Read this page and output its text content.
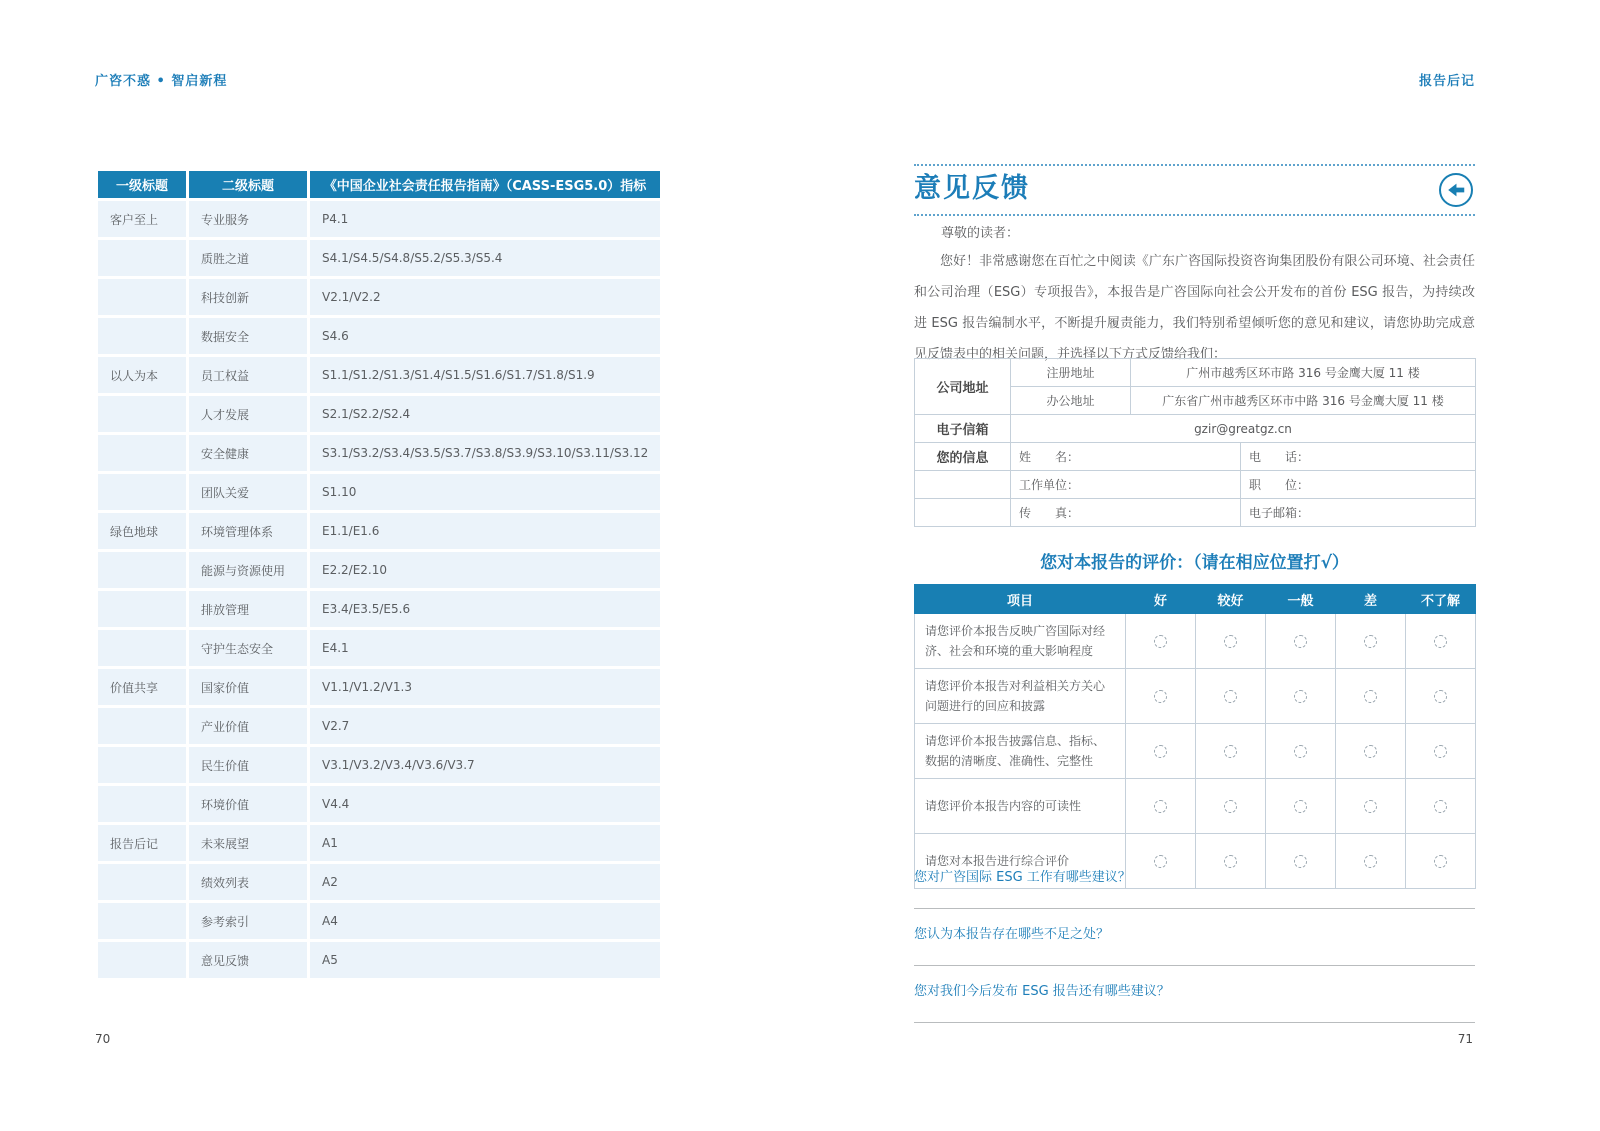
广咨不惑 • 智启新程	报告后记
一级标题	二级标题	《中国企业社会责任报告指南》（CASS-ESG5.0）指标
客户至上	专业服务	P4.1
	质胜之道	S4.1/S4.5/S4.8/S5.2/S5.3/S5.4
	科技创新	V2.1/V2.2
	数据安全	S4.6
以人为本	员工权益	S1.1/S1.2/S1.3/S1.4/S1.5/S1.6/S1.7/S1.8/S1.9
	人才发展	S2.1/S2.2/S2.4
	安全健康	S3.1/S3.2/S3.4/S3.5/S3.7/S3.8/S3.9/S3.10/S3.11/S3.12
	团队关爱	S1.10
绿色地球	环境管理体系	E1.1/E1.6
	能源与资源使用	E2.2/E2.10
	排放管理	E3.4/E3.5/E5.6
	守护生态安全	E4.1
价值共享	国家价值	V1.1/V1.2/V1.3
	产业价值	V2.7
	民生价值	V3.1/V3.2/V3.4/V3.6/V3.7
	环境价值	V4.4
报告后记	未来展望	A1
	绩效列表	A2
	参考索引	A4
	意见反馈	A5
意见反馈
尊敬的读者：
您好！非常感谢您在百忙之中阅读《广东广咨国际投资咨询集团股份有限公司环境、社会责任和公司治理（ESG）专项报告》，本报告是广咨国际向社会公开发布的首份 ESG 报告，为持续改进 ESG 报告编制水平，不断提升履责能力，我们特别希望倾听您的意见和建议，请您协助完成意见反馈表中的相关问题，并选择以下方式反馈给我们：
公司地址	注册地址	广州市越秀区环市路 316 号金鹰大厦 11 楼	
	办公地址	广东省广州市越秀区环市中路 316 号金鹰大厦 11 楼	
电子信箱	gzir@greatgz.cn		
您的信息	姓　　名：		电　　话：
	工作单位：		职　　位：
	传　　真：		电子邮箱：
您对本报告的评价：（请在相应位置打√）
项目	好	较好	一般	差	不了解
请您评价本报告反映广咨国际对经济、社会和环境的重大影响程度					
请您评价本报告对利益相关方关心问题进行的回应和披露					
请您评价本报告披露信息、指标、数据的清晰度、准确性、完整性					
请您评价本报告内容的可读性					
请您对本报告进行综合评价					
您对广咨国际 ESG 工作有哪些建议？
您认为本报告存在哪些不足之处？
您对我们今后发布 ESG 报告还有哪些建议？
70	71
